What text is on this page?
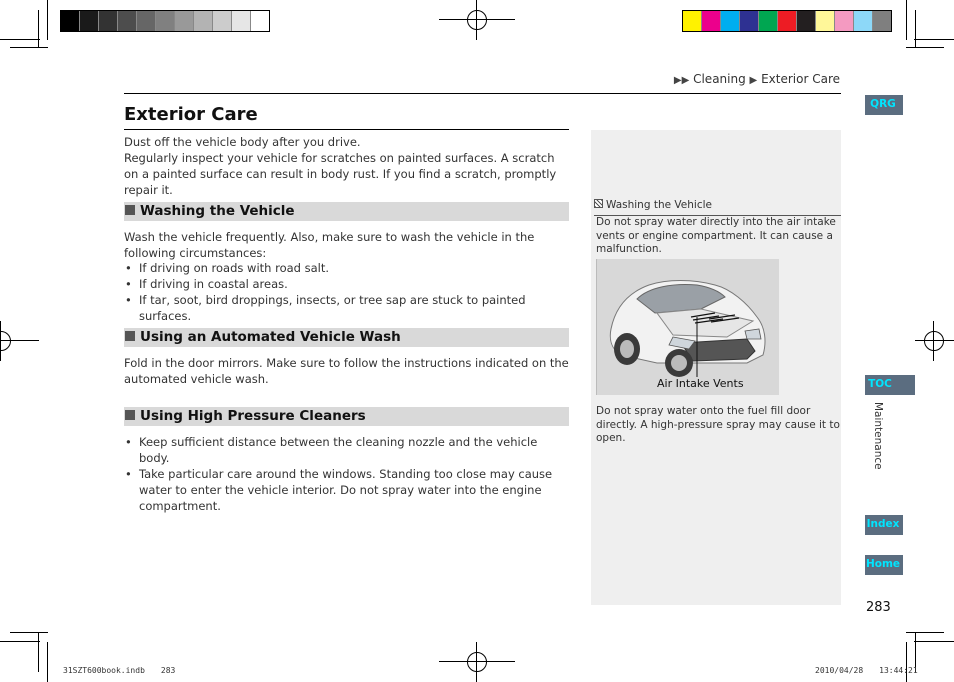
▶▶ Cleaning ▶ Exterior Care
Exterior Care
Dust off the vehicle body after you drive.
Regularly inspect your vehicle for scratches on painted surfaces. A scratch on a painted surface can result in body rust. If you find a scratch, promptly repair it.
Washing the Vehicle
Wash the vehicle frequently. Also, make sure to wash the vehicle in the following circumstances:
• If driving on roads with road salt.
• If driving in coastal areas.
• If tar, soot, bird droppings, insects, or tree sap are stuck to painted surfaces.
Using an Automated Vehicle Wash
Fold in the door mirrors. Make sure to follow the instructions indicated on the automated vehicle wash.
Using High Pressure Cleaners
• Keep sufficient distance between the cleaning nozzle and the vehicle body.
• Take particular care around the windows. Standing too close may cause water to enter the vehicle interior. Do not spray water into the engine compartment.
Washing the Vehicle
Do not spray water directly into the air intake vents or engine compartment. It can cause a malfunction.
Air Intake Vents
Do not spray water onto the fuel fill door directly. A high-pressure spray may cause it to open.
QRG
TOC
Maintenance
Index
Home
283
31SZT600book.indb　　283	2010/04/28　　13:44:21
